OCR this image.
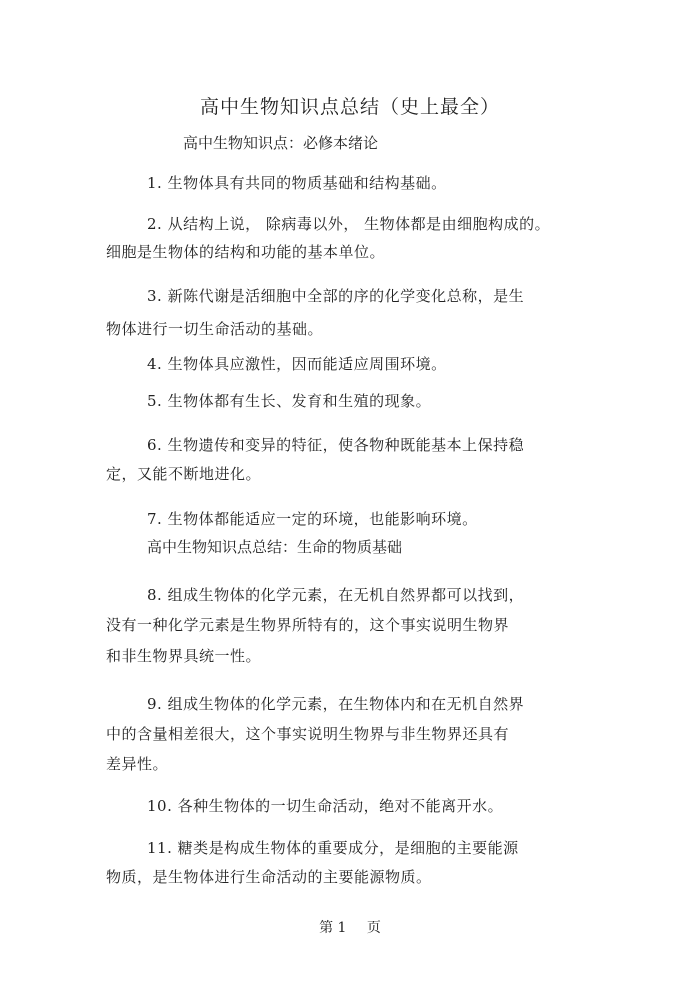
高中生物知识点总结（史上最全）
高中生物知识点：必修本绪论
1. 生物体具有共同的物质基础和结构基础。
2. 从结构上说， 除病毒以外， 生物体都是由细胞构成的。
细胞是生物体的结构和功能的基本单位。
3. 新陈代谢是活细胞中全部的序的化学变化总称，是生
物体进行一切生命活动的基础。
4. 生物体具应激性，因而能适应周围环境。
5. 生物体都有生长、发育和生殖的现象。
6. 生物遗传和变异的特征，使各物种既能基本上保持稳
定，又能不断地进化。
7. 生物体都能适应一定的环境，也能影响环境。
高中生物知识点总结：生命的物质基础
8. 组成生物体的化学元素，在无机自然界都可以找到，
没有一种化学元素是生物界所特有的，这个事实说明生物界
和非生物界具统一性。
9. 组成生物体的化学元素，在生物体内和在无机自然界
中的含量相差很大，这个事实说明生物界与非生物界还具有
差异性。
10. 各种生物体的一切生命活动，绝对不能离开水。
11. 糖类是构成生物体的重要成分，是细胞的主要能源
物质，是生物体进行生命活动的主要能源物质。
第 1 页
